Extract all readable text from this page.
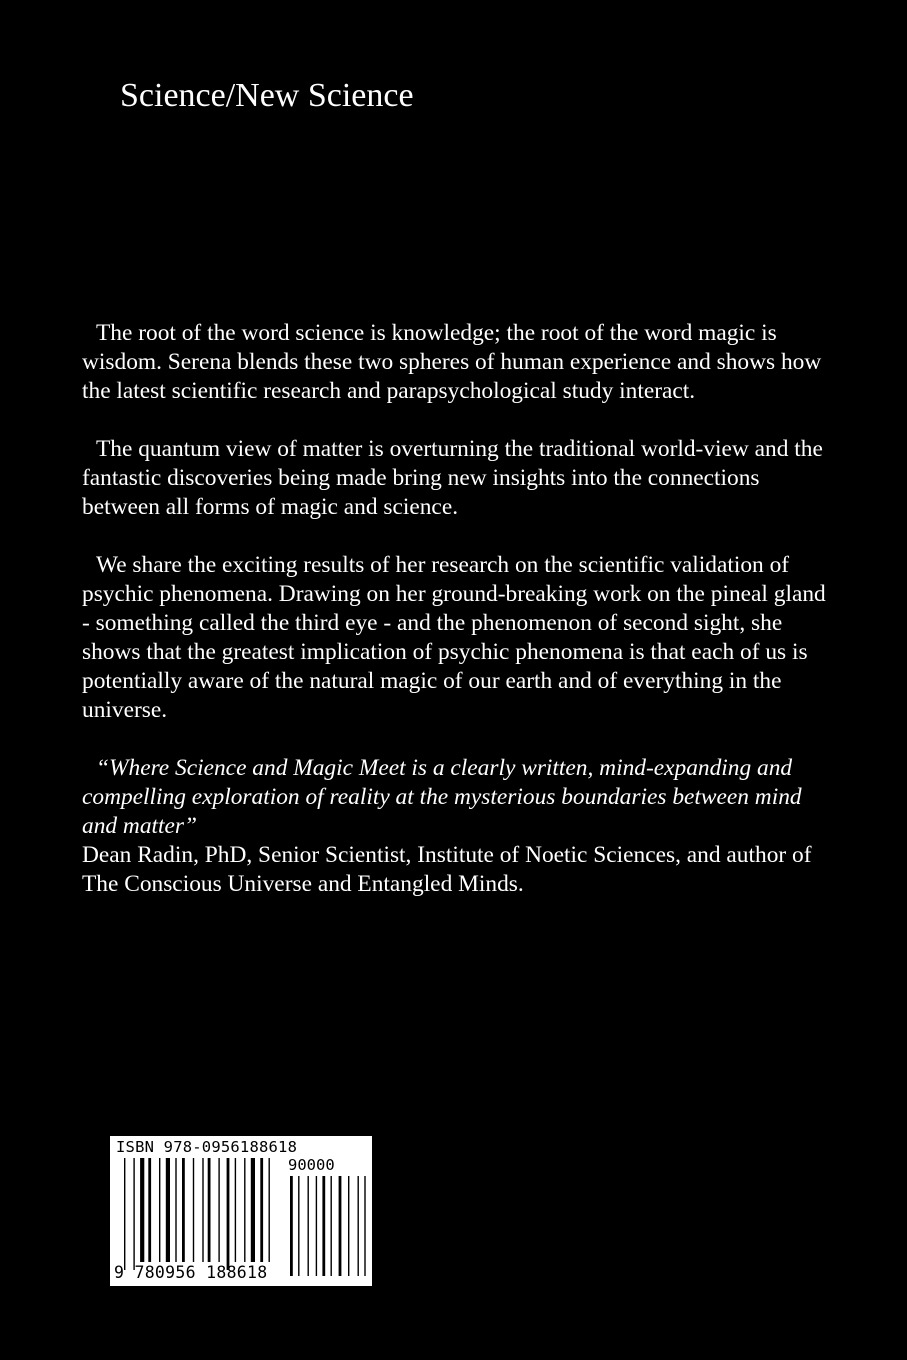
Science/New Science

The root of the word science is knowledge; the root of the word magic is wisdom. Serena blends these two spheres of human experience and shows how the latest scientific research and parapsychological study interact.

The quantum view of matter is overturning the traditional world-view and the fantastic discoveries being made bring new insights into the connections between all forms of magic and science.

We share the exciting results of her research on the scientific validation of psychic phenomena. Drawing on her ground-breaking work on the pineal gland - something called the third eye - and the phenomenon of second sight, she shows that the greatest implication of psychic phenomena is that each of us is potentially aware of the natural magic of our earth and of everything in the universe.

“Where Science and Magic Meet is a clearly written, mind-expanding and compelling exploration of reality at the mysterious boundaries between mind and matter”
Dean Radin, PhD, Senior Scientist, Institute of Noetic Sciences, and author of The Conscious Universe and Entangled Minds.
ISBN 978-0956188618
90000
9 780956 188618
